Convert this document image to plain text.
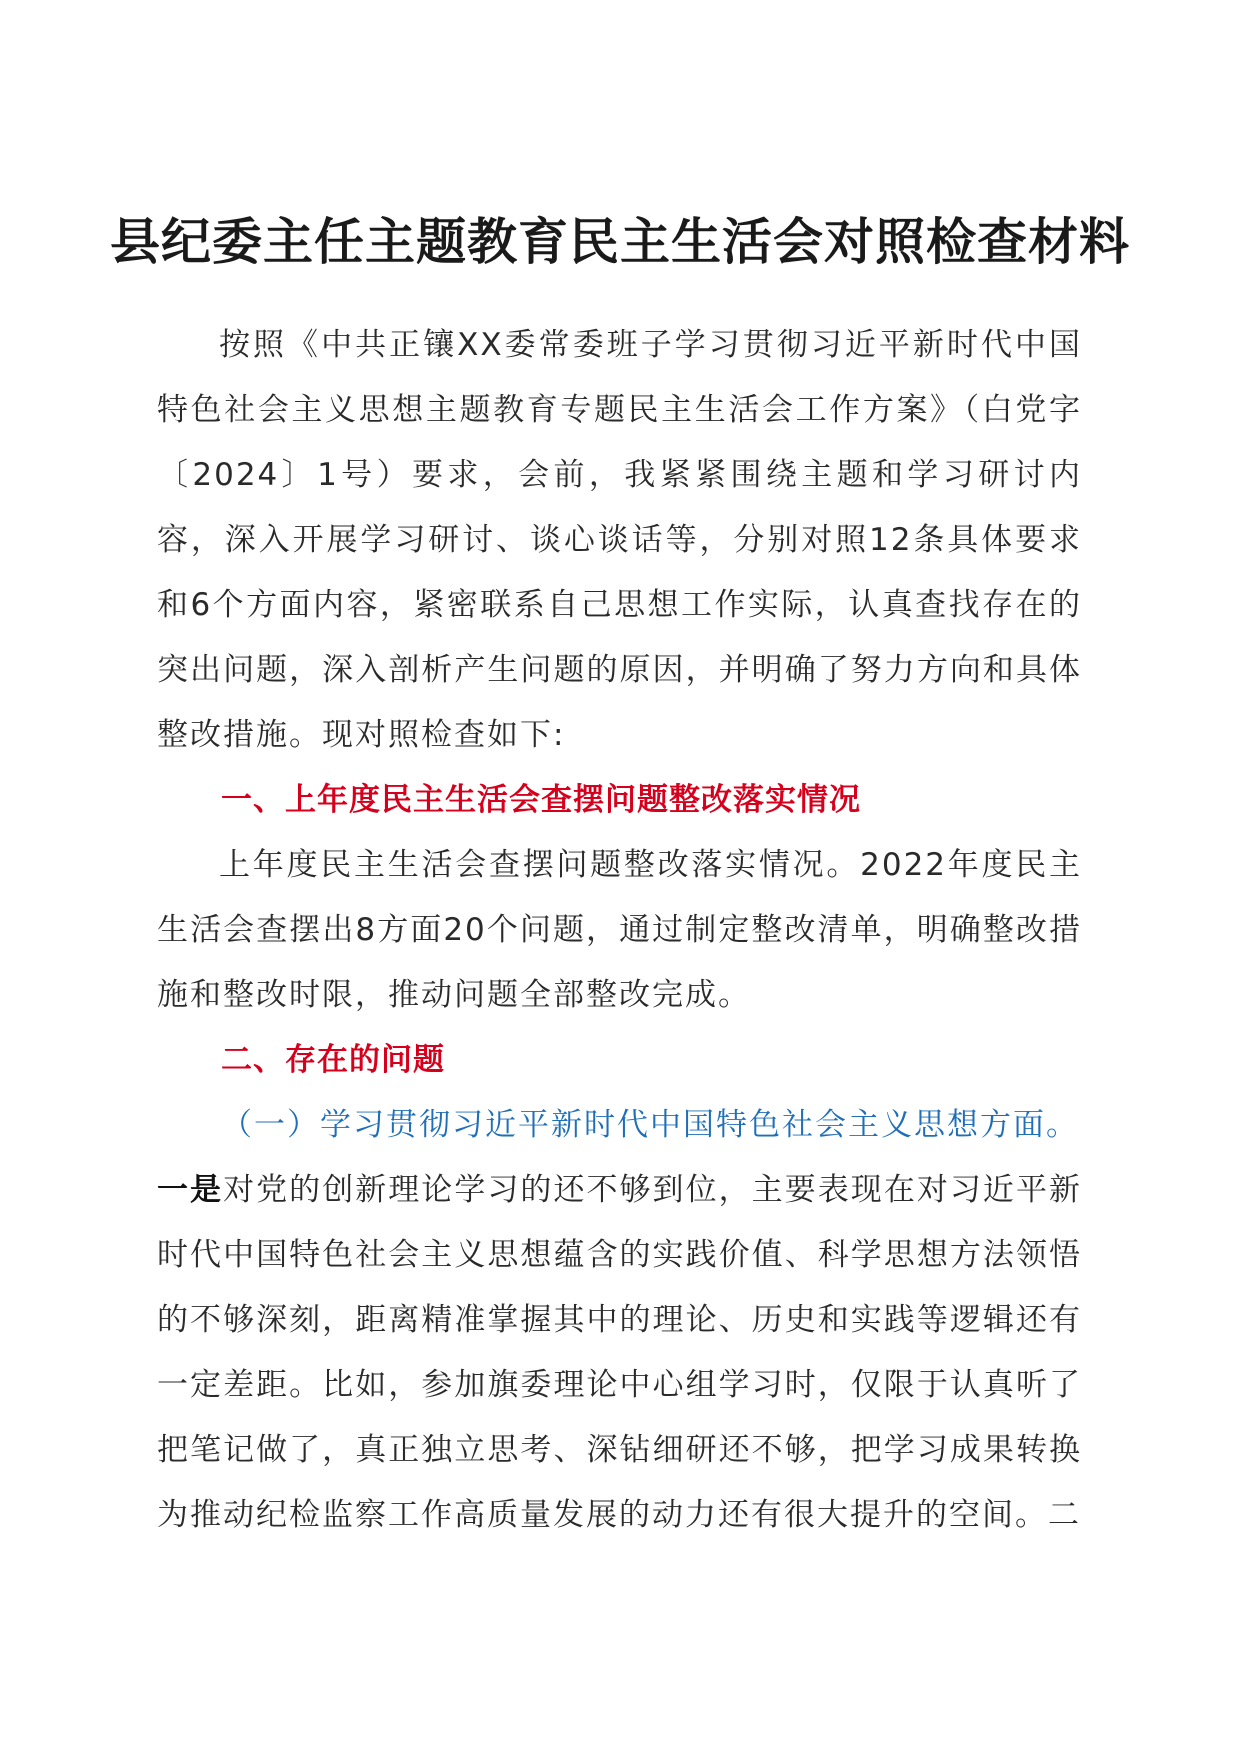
县纪委主任主题教育民主生活会对照检查材料

按照《中共正镶XX委常委班子学习贯彻习近平新时代中国特色社会主义思想主题教育专题民主生活会工作方案》（白党字〔2024〕1号）要求，会前，我紧紧围绕主题和学习研讨内容，深入开展学习研讨、谈心谈话等，分别对照12条具体要求和6个方面内容，紧密联系自己思想工作实际，认真查找存在的突出问题，深入剖析产生问题的原因，并明确了努力方向和具体整改措施。现对照检查如下:

一、上年度民主生活会查摆问题整改落实情况

上年度民主生活会查摆问题整改落实情况。2022年度民主生活会查摆出8方面20个问题，通过制定整改清单，明确整改措施和整改时限，推动问题全部整改完成。

二、存在的问题
（一）学习贯彻习近平新时代中国特色社会主义思想方面。

一是对党的创新理论学习的还不够到位，主要表现在对习近平新时代中国特色社会主义思想蕴含的实践价值、科学思想方法领悟的不够深刻，距离精准掌握其中的理论、历史和实践等逻辑还有一定差距。比如，参加旗委理论中心组学习时，仅限于认真听了把笔记做了，真正独立思考、深钻细研还不够，把学习成果转换为推动纪检监察工作高质量发展的动力还有很大提升的空间。二
